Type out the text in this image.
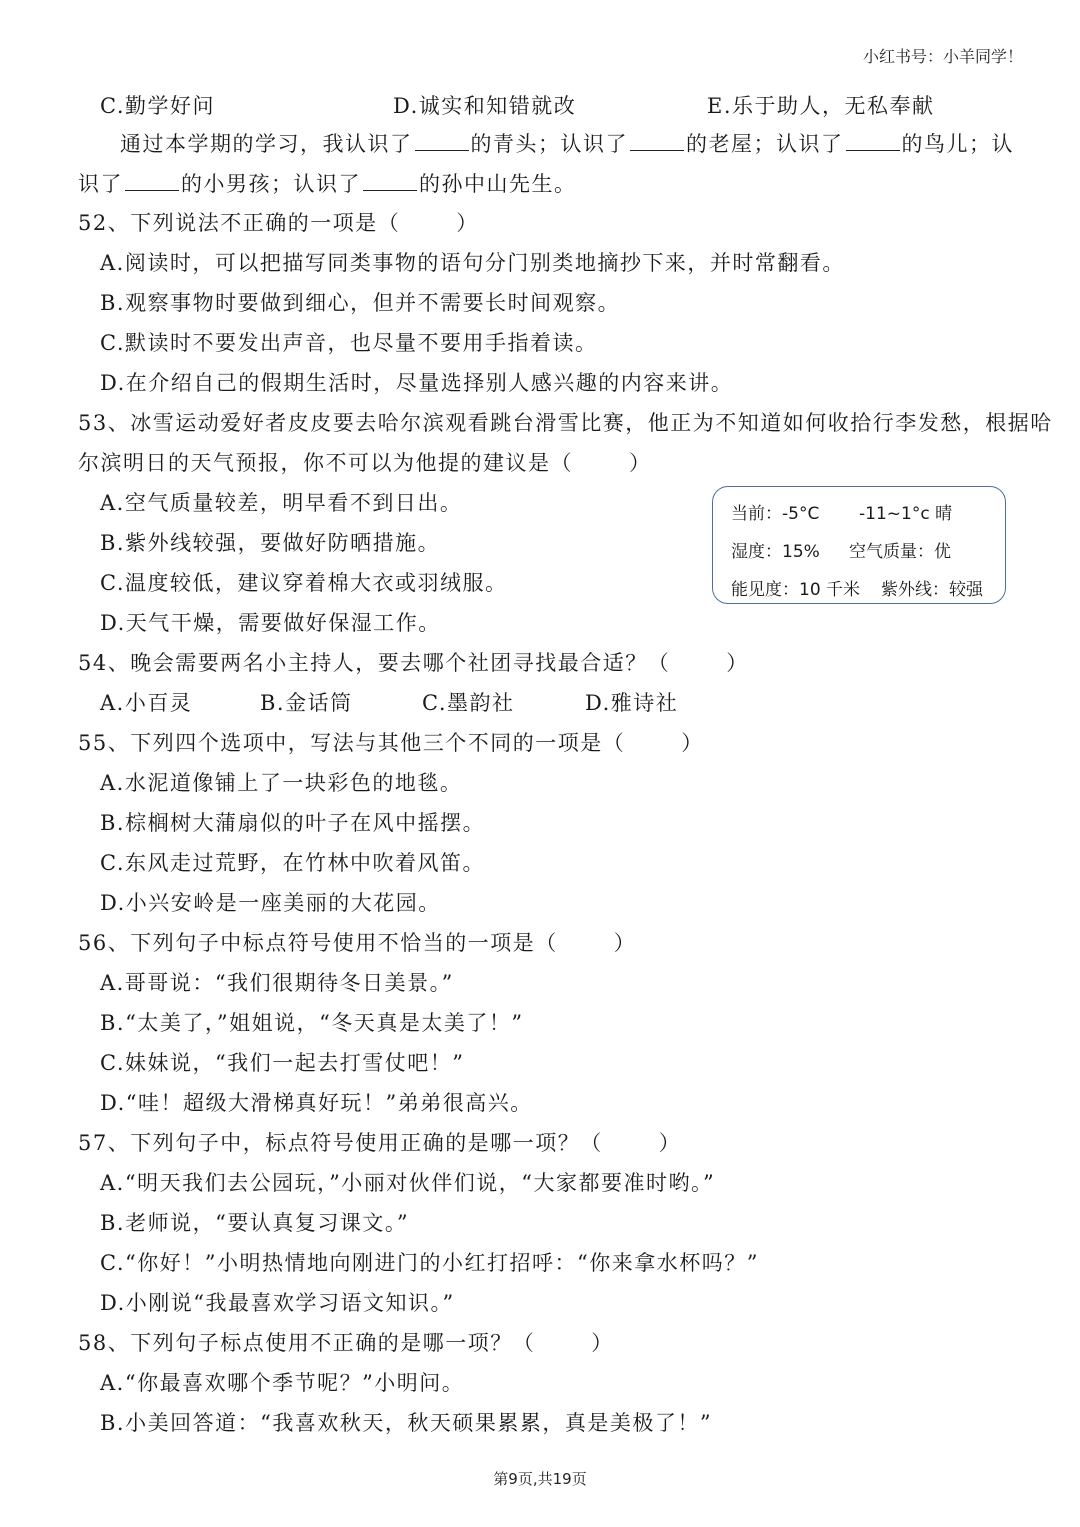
小红书号：小羊同学！
C.勤学好问	D.诚实和知错就改	E.乐于助人，无私奉献
通过本学期的学习，我认识了	的青头；认识了	的老屋；认识了	的鸟儿；认
识了	的小男孩；认识了	的孙中山先生。
52、下列说法不正确的一项是（	）
A.阅读时，可以把描写同类事物的语句分门别类地摘抄下来，并时常翻看。
B.观察事物时要做到细心，但并不需要长时间观察。
C.默读时不要发出声音，也尽量不要用手指着读。
D.在介绍自己的假期生活时，尽量选择别人感兴趣的内容来讲。
53、冰雪运动爱好者皮皮要去哈尔滨观看跳台滑雪比赛，他正为不知道如何收拾行李发愁，根据哈
尔滨明日的天气预报，你不可以为他提的建议是（	）
A.空气质量较差，明早看不到日出。
B.紫外线较强，要做好防晒措施。
C.温度较低，建议穿着棉大衣或羽绒服。
D.天气干燥，需要做好保湿工作。
当前：-5°C -11~1°c 晴
湿度：15% 空气质量：优
能见度：10 千米 紫外线：较强
54、晚会需要两名小主持人，要去哪个社团寻找最合适？（	）
A.小百灵	B.金话筒	C.墨韵社	D.雅诗社
55、下列四个选项中，写法与其他三个不同的一项是（	）
A.水泥道像铺上了一块彩色的地毯。
B.棕榈树大蒲扇似的叶子在风中摇摆。
C.东风走过荒野，在竹林中吹着风笛。
D.小兴安岭是一座美丽的大花园。
56、下列句子中标点符号使用不恰当的一项是（	）
A.哥哥说：“我们很期待冬日美景。”
B.“太美了，”姐姐说，“冬天真是太美了！”
C.妹妹说，“我们一起去打雪仗吧！”
D.“哇！超级大滑梯真好玩！”弟弟很高兴。
57、下列句子中，标点符号使用正确的是哪一项？（	）
A.“明天我们去公园玩，”小丽对伙伴们说，“大家都要准时哟。”
B.老师说，“要认真复习课文。”
C.“你好！”小明热情地向刚进门的小红打招呼：“你来拿水杯吗？”
D.小刚说“我最喜欢学习语文知识。”
58、下列句子标点使用不正确的是哪一项？（	）
A.“你最喜欢哪个季节呢？”小明问。
B.小美回答道：“我喜欢秋天，秋天硕果累累，真是美极了！”
第9页,共19页
